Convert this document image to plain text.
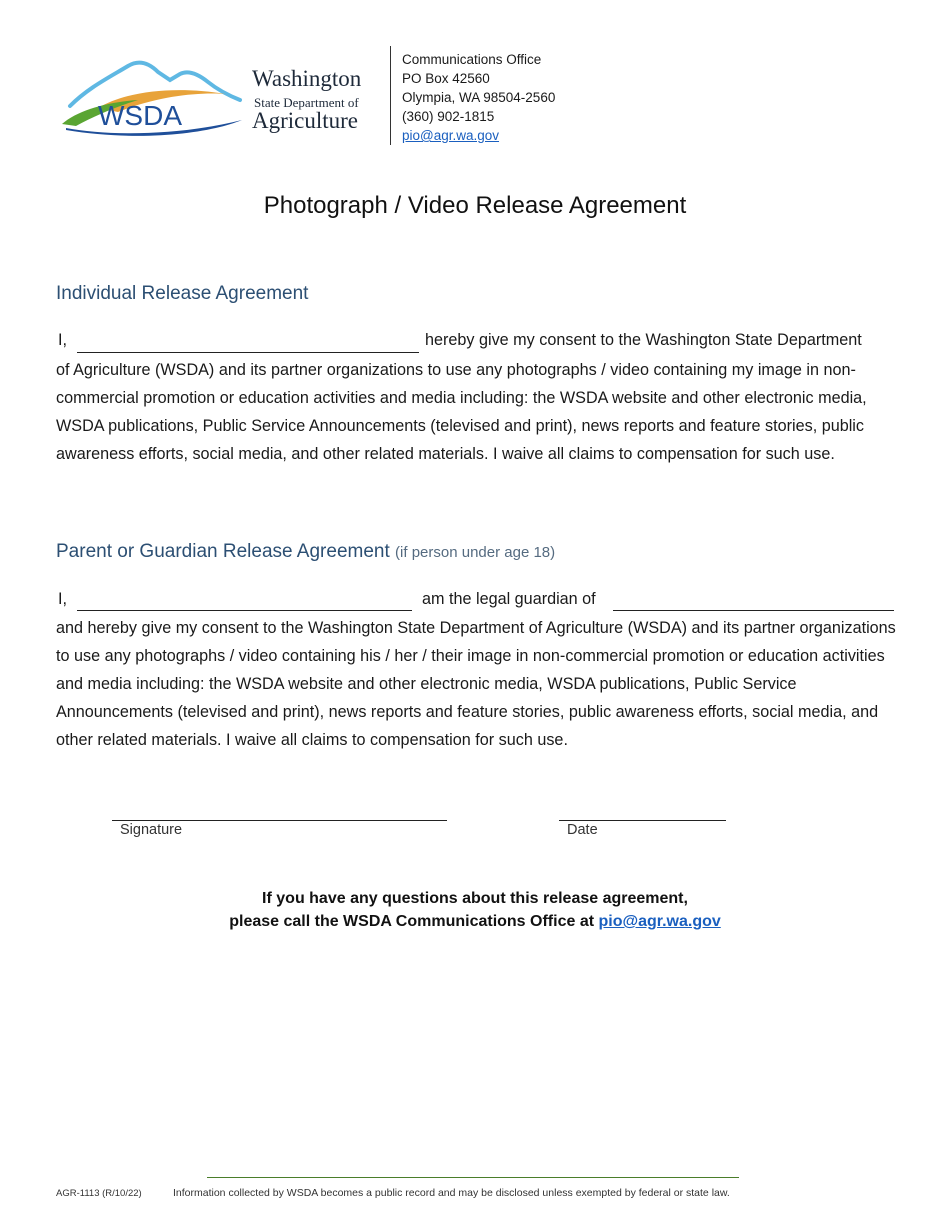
WSDA
Washington
State Department of
Agriculture
Communications Office
PO Box 42560
Olympia, WA 98504-2560
(360) 902-1815
pio@agr.wa.gov
Photograph / Video Release Agreement
Individual Release Agreement
I,	hereby give my consent to the Washington State Department
of Agriculture (WSDA) and its partner organizations to use any photographs / video containing my image in non-commercial promotion or education activities and media including: the WSDA website and other electronic media, WSDA publications, Public Service Announcements (televised and print), news reports and feature stories, public awareness efforts, social media, and other related materials. I waive all claims to compensation for such use.
Parent or Guardian Release Agreement (if person under age 18)
I,	am the legal guardian of
and hereby give my consent to the Washington State Department of Agriculture (WSDA) and its partner organizations to use any photographs / video containing his / her / their image in non-commercial promotion or education activities and media including: the WSDA website and other electronic media, WSDA publications, Public Service Announcements (televised and print), news reports and feature stories, public awareness efforts, social media, and other related materials. I waive all claims to compensation for such use.
Signature	Date
If you have any questions about this release agreement,
please call the WSDA Communications Office at pio@agr.wa.gov
AGR-1113 (R/10/22)	Information collected by WSDA becomes a public record and may be disclosed unless exempted by federal or state law.
